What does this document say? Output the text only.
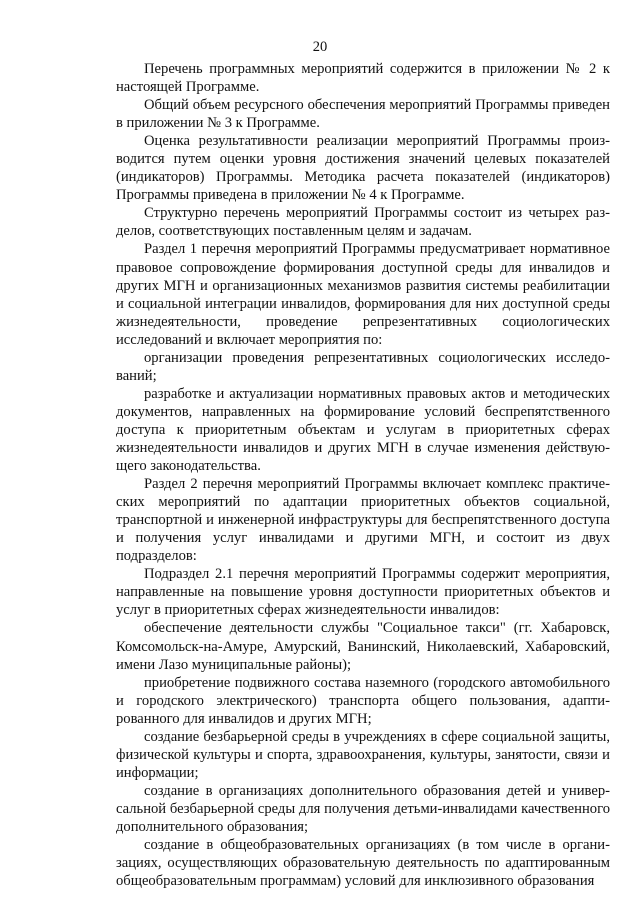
20

Перечень программных мероприятий содержится в приложении № 2 к настоящей Программе.

Общий объем ресурсного обеспечения мероприятий Программы приведен в приложении № 3 к Программе.

Оценка результативности реализации мероприятий Программы производится путем оценки уровня достижения значений целевых показателей (индикаторов) Программы. Методика расчета показателей (индикаторов) Программы приведена в приложении № 4 к Программе.

Структурно перечень мероприятий Программы состоит из четырех разделов, соответствующих поставленным целям и задачам.

Раздел 1 перечня мероприятий Программы предусматривает нормативное правовое сопровождение формирования доступной среды для инвалидов и других МГН и организационных механизмов развития системы реабилитации и социальной интеграции инвалидов, формирования для них доступной среды жизнедеятельности, проведение репрезентативных социологических исследований и включает мероприятия по:

организации проведения репрезентативных социологических исследований;

разработке и актуализации нормативных правовых актов и методических документов, направленных на формирование условий беспрепятственного доступа к приоритетным объектам и услугам в приоритетных сферах жизнедеятельности инвалидов и других МГН в случае изменения действующего законодательства.

Раздел 2 перечня мероприятий Программы включает комплекс практических мероприятий по адаптации приоритетных объектов социальной, транспортной и инженерной инфраструктуры для беспрепятственного доступа и получения услуг инвалидами и другими МГН, и состоит из двух подразделов:

Подраздел 2.1 перечня мероприятий Программы содержит мероприятия, направленные на повышение уровня доступности приоритетных объектов и услуг в приоритетных сферах жизнедеятельности инвалидов:

обеспечение деятельности службы "Социальное такси" (гг. Хабаровск, Комсомольск-на-Амуре, Амурский, Ванинский, Николаевский, Хабаровский, имени Лазо муниципальные районы);

приобретение подвижного состава наземного (городского автомобильного и городского электрического) транспорта общего пользования, адаптированного для инвалидов и других МГН;

создание безбарьерной среды в учреждениях в сфере социальной защиты, физической культуры и спорта, здравоохранения, культуры, занятости, связи и информации;

создание в организациях дополнительного образования детей и универсальной безбарьерной среды для получения детьми-инвалидами качественного дополнительного образования;

создание в общеобразовательных организациях (в том числе в организациях, осуществляющих образовательную деятельность по адаптированным общеобразовательным программам) условий для инклюзивного образования
